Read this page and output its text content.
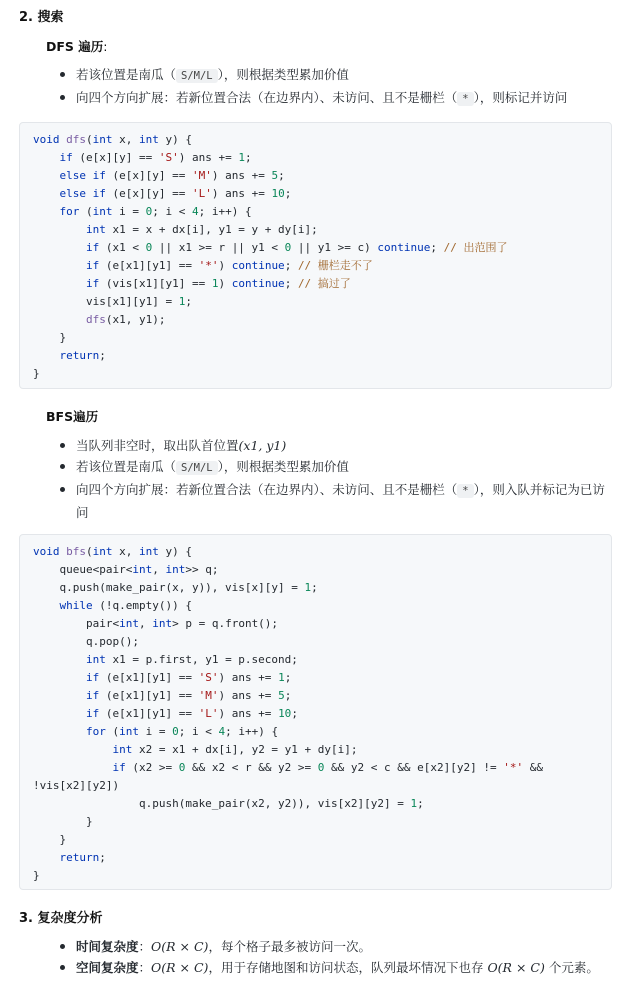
2. 搜索
DFS 遍历:
若该位置是南瓜（ S/M/L ），则根据类型累加价值
向四个方向扩展：若新位置合法（在边界内）、未访问、且不是栅栏（ * ），则标记并访问
void dfs(int x, int y) {
if (e[x][y] == 'S') ans += 1;
else if (e[x][y] == 'M') ans += 5;
else if (e[x][y] == 'L') ans += 10;
for (int i = 0; i < 4; i++) {
int x1 = x + dx[i], y1 = y + dy[i];
if (x1 < 0 || x1 >= r || y1 < 0 || y1 >= c) continue; // 出范围了
if (e[x1][y1] == '*') continue; // 栅栏走不了
if (vis[x1][y1] == 1) continue; // 搞过了
vis[x1][y1] = 1;
dfs(x1, y1);
}
return;
}
BFS遍历
当队列非空时，取出队首位置(x1, y1)
若该位置是南瓜（ S/M/L ），则根据类型累加价值
向四个方向扩展：若新位置合法（在边界内）、未访问、且不是栅栏（ * ），则入队并标记为已访问
void bfs(int x, int y) {
queue<pair<int, int>> q;
q.push(make_pair(x, y)), vis[x][y] = 1;
while (!q.empty()) {
pair<int, int> p = q.front();
q.pop();
int x1 = p.first, y1 = p.second;
if (e[x1][y1] == 'S') ans += 1;
if (e[x1][y1] == 'M') ans += 5;
if (e[x1][y1] == 'L') ans += 10;
for (int i = 0; i < 4; i++) {
int x2 = x1 + dx[i], y2 = y1 + dy[i];
if (x2 >= 0 && x2 < r && y2 >= 0 && y2 < c && e[x2][y2] != '*' &&
!vis[x2][y2])
q.push(make_pair(x2, y2)), vis[x2][y2] = 1;
}
}
return;
}
3. 复杂度分析
时间复杂度：O(R × C)，每个格子最多被访问一次。
空间复杂度：O(R × C)，用于存储地图和访问状态，队列最坏情况下也存 O(R × C) 个元素。
